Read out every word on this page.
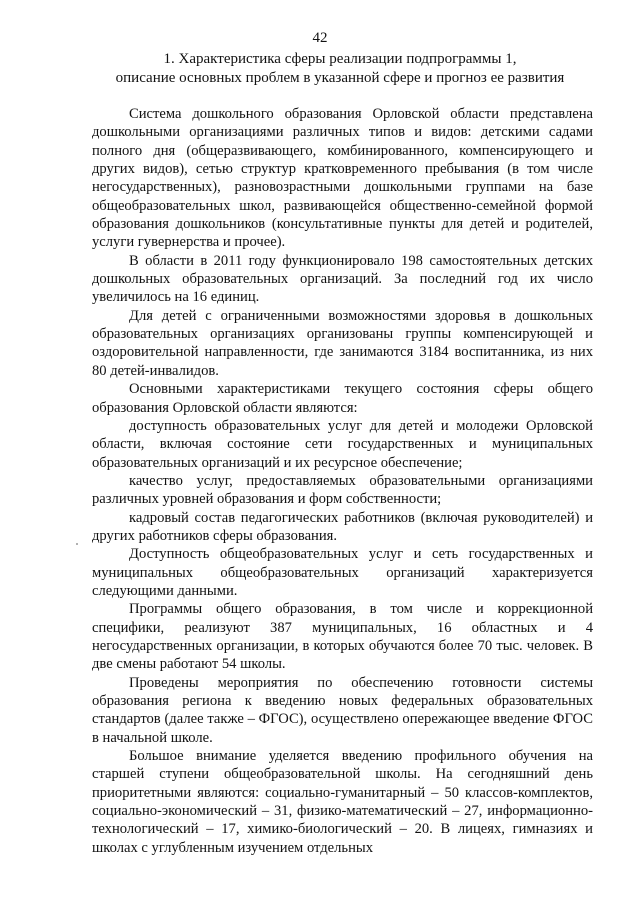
42
1. Характеристика сферы реализации подпрограммы 1,
описание основных проблем в указанной сфере и прогноз ее развития

Система дошкольного образования Орловской области представлена дошкольными организациями различных типов и видов: детскими садами полного дня (общеразвивающего, комбинированного, компенсирующего и других видов), сетью структур кратковременного пребывания (в том числе негосударственных), разновозрастными дошкольными группами на базе общеобразовательных школ, развивающейся общественно-семейной формой образования дошкольников (консультативные пункты для детей и родителей, услуги гувернерства и прочее).

В области в 2011 году функционировало 198 самостоятельных детских дошкольных образовательных организаций. За последний год их число увеличилось на 16 единиц.

Для детей с ограниченными возможностями здоровья в дошкольных образовательных организациях организованы группы компенсирующей и оздоровительной направленности, где занимаются 3184 воспитанника, из них 80 детей-инвалидов.

Основными характеристиками текущего состояния сферы общего образования Орловской области являются:

доступность образовательных услуг для детей и молодежи Орловской области, включая состояние сети государственных и муниципальных образовательных организаций и их ресурсное обеспечение;

качество услуг, предоставляемых образовательными организациями различных уровней образования и форм собственности;

кадровый состав педагогических работников (включая руководителей) и других работников сферы образования.

Доступность общеобразовательных услуг и сеть государственных и муниципальных общеобразовательных организаций характеризуется следующими данными.

Программы общего образования, в том числе и коррекционной специфики, реализуют 387 муниципальных, 16 областных и 4 негосударственных организации, в которых обучаются более 70 тыс. человек. В две смены работают 54 школы.

Проведены мероприятия по обеспечению готовности системы образования региона к введению новых федеральных образовательных стандартов (далее также – ФГОС), осуществлено опережающее введение ФГОС в начальной школе.

Большое внимание уделяется введению профильного обучения на старшей ступени общеобразовательной школы. На сегодняшний день приоритетными являются: социально-гуманитарный – 50 классов-комплектов, социально-экономический – 31, физико-математический – 27, информационно-технологический – 17, химико-биологический – 20. В лицеях, гимназиях и школах с углубленным изучением отдельных
